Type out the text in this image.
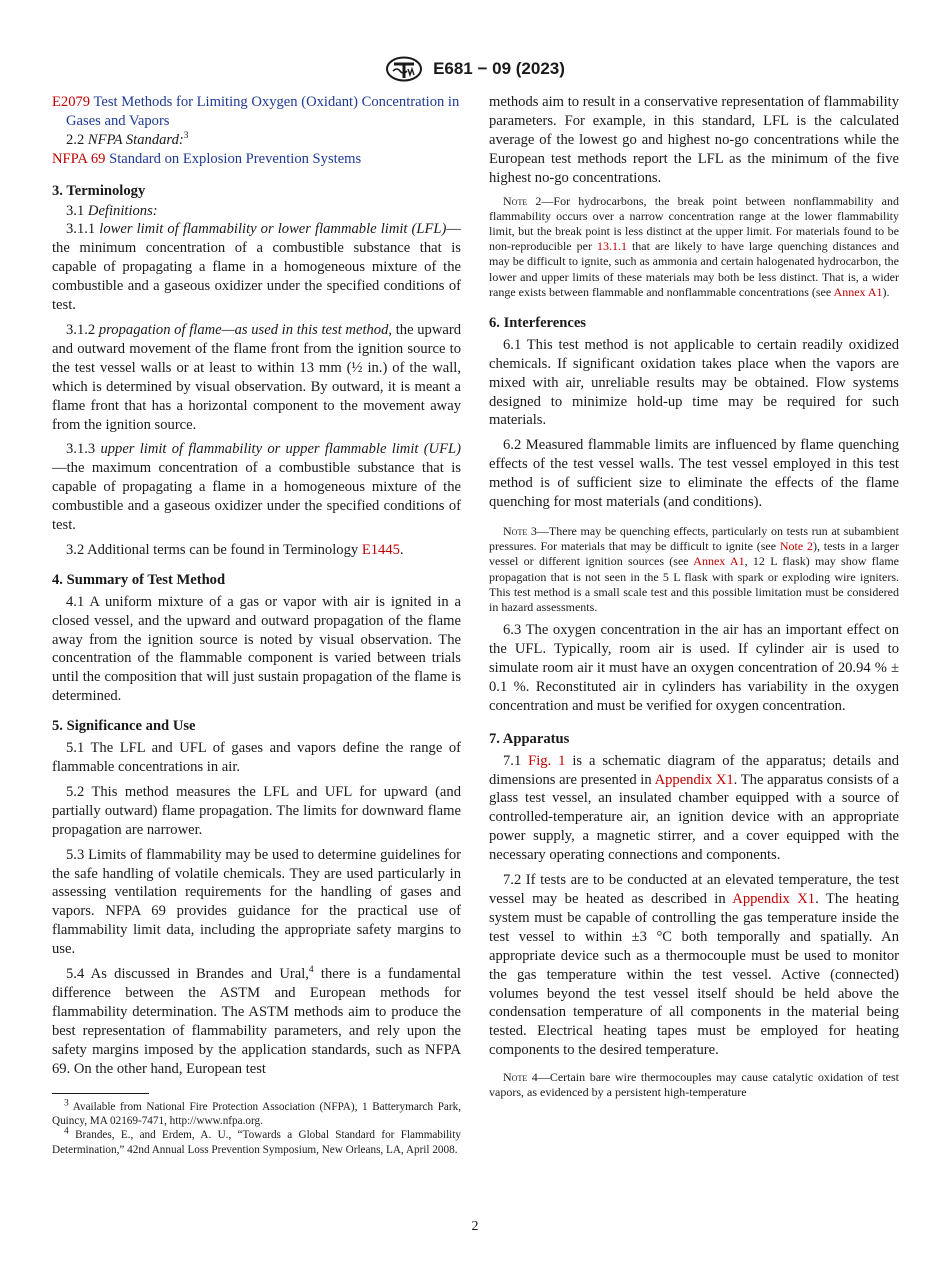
E681 − 09 (2023)

E2079 Test Methods for Limiting Oxygen (Oxidant) Concentration in Gases and Vapors

2.2 NFPA Standard:$^3$

NFPA 69 Standard on Explosion Prevention Systems

3. Terminology

3.1 Definitions:

3.1.1 lower limit of flammability or lower flammable limit (LFL)—the minimum concentration of a combustible substance that is capable of propagating a flame in a homogeneous mixture of the combustible and a gaseous oxidizer under the specified conditions of test.

3.1.2 propagation of flame—as used in this test method, the upward and outward movement of the flame front from the ignition source to the test vessel walls or at least to within 13 mm (½ in.) of the wall, which is determined by visual observation. By outward, it is meant a flame front that has a horizontal component to the movement away from the ignition source.

3.1.3 upper limit of flammability or upper flammable limit (UFL)—the maximum concentration of a combustible substance that is capable of propagating a flame in a homogeneous mixture of the combustible and a gaseous oxidizer under the specified conditions of test.

3.2 Additional terms can be found in Terminology E1445.

4. Summary of Test Method

4.1 A uniform mixture of a gas or vapor with air is ignited in a closed vessel, and the upward and outward propagation of the flame away from the ignition source is noted by visual observation. The concentration of the flammable component is varied between trials until the composition that will just sustain propagation of the flame is determined.

5. Significance and Use

5.1 The LFL and UFL of gases and vapors define the range of flammable concentrations in air.

5.2 This method measures the LFL and UFL for upward (and partially outward) flame propagation. The limits for downward flame propagation are narrower.

5.3 Limits of flammability may be used to determine guidelines for the safe handling of volatile chemicals. They are used particularly in assessing ventilation requirements for the handling of gases and vapors. NFPA 69 provides guidance for the practical use of flammability limit data, including the appropriate safety margins to use.

5.4 As discussed in Brandes and Ural,$^4$ there is a fundamental difference between the ASTM and European methods for flammability determination. The ASTM methods aim to produce the best representation of flammability parameters, and rely upon the safety margins imposed by the application standards, such as NFPA 69. On the other hand, European test

$^3$ Available from National Fire Protection Association (NFPA), 1 Batterymarch Park, Quincy, MA 02169-7471, http://www.nfpa.org.

$^4$ Brandes, E., and Erdem, A. U., “Towards a Global Standard for Flammability Determination,” 42nd Annual Loss Prevention Symposium, New Orleans, LA, April 2008.

methods aim to result in a conservative representation of flammability parameters. For example, in this standard, LFL is the calculated average of the lowest go and highest no-go concentrations while the European test methods report the LFL as the minimum of the five highest no-go concentrations.

Note 2—For hydrocarbons, the break point between nonflammability and flammability occurs over a narrow concentration range at the lower flammability limit, but the break point is less distinct at the upper limit. For materials found to be non-reproducible per 13.1.1 that are likely to have large quenching distances and may be difficult to ignite, such as ammonia and certain halogenated hydrocarbon, the lower and upper limits of these materials may both be less distinct. That is, a wider range exists between flammable and nonflammable concentrations (see Annex A1).

6. Interferences

6.1 This test method is not applicable to certain readily oxidized chemicals. If significant oxidation takes place when the vapors are mixed with air, unreliable results may be obtained. Flow systems designed to minimize hold-up time may be required for such materials.

6.2 Measured flammable limits are influenced by flame quenching effects of the test vessel walls. The test vessel employed in this test method is of sufficient size to eliminate the effects of the flame quenching for most materials (and conditions).

Note 3—There may be quenching effects, particularly on tests run at subambient pressures. For materials that may be difficult to ignite (see Note 2), tests in a larger vessel or different ignition sources (see Annex A1, 12 L flask) may show flame propagation that is not seen in the 5 L flask with spark or exploding wire igniters. This test method is a small scale test and this possible limitation must be considered in hazard assessments.

6.3 The oxygen concentration in the air has an important effect on the UFL. Typically, room air is used. If cylinder air is used to simulate room air it must have an oxygen concentration of 20.94 % ± 0.1 %. Reconstituted air in cylinders has variability in the oxygen concentration and must be verified for oxygen concentration.

7. Apparatus

7.1 Fig. 1 is a schematic diagram of the apparatus; details and dimensions are presented in Appendix X1. The apparatus consists of a glass test vessel, an insulated chamber equipped with a source of controlled-temperature air, an ignition device with an appropriate power supply, a magnetic stirrer, and a cover equipped with the necessary operating connections and components.

7.2 If tests are to be conducted at an elevated temperature, the test vessel may be heated as described in Appendix X1. The heating system must be capable of controlling the gas temperature inside the test vessel to within ±3 °C both temporally and spatially. An appropriate device such as a thermocouple must be used to monitor the gas temperature within the test vessel. Active (connected) volumes beyond the test vessel itself should be held above the condensation temperature of all components in the material being tested. Electrical heating tapes must be employed for heating components to the desired temperature.

Note 4—Certain bare wire thermocouples may cause catalytic oxidation of test vapors, as evidenced by a persistent high-temperature

2
